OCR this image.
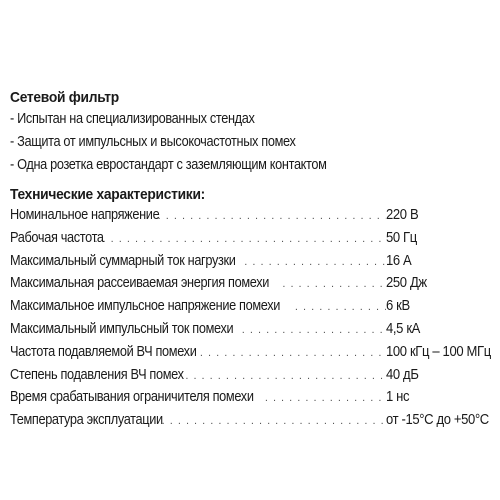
Сетевой фильтр
- Испытан на специализированных стендах
- Защита от импульсных и высокочастотных помех
- Одна розетка евростандарт с заземляющим контактом
Технические характеристики:
Номинальное напряжение . . .	220 В
Рабочая частота . . .	50 Гц
Максимальный суммарный ток нагрузки . . .	16 А
Максимальная рассеиваемая энергия помехи . . .	250 Дж
Максимальное импульсное напряжение помехи . . .	6 кВ
Максимальный импульсный ток помехи . . .	4,5 кА
Частота подавляемой ВЧ помехи . . .	100 кГц – 100 МГц
Степень подавления ВЧ помех . . .	40 дБ
Время срабатывания ограничителя помехи . . .	1 нс
Температура эксплуатации . . .	от -15°С до +50°С
